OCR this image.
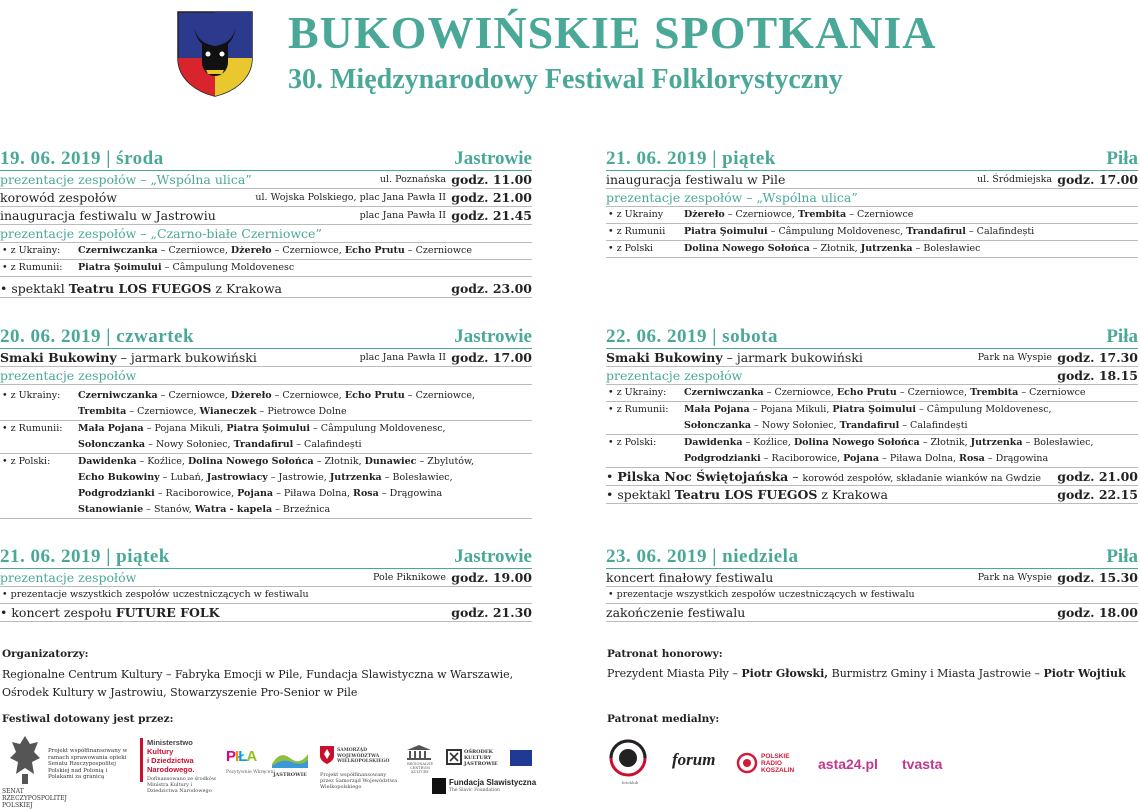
BUKOWIŃSKIE SPOTKANIA
30. Międzynarodowy Festiwal Folklorystyczny
19. 06. 2019 | środa	Jastrowie
prezentacje zespołów – „Wspólna ulica”	ul. Poznańska godz. 11.00
korowód zespołów	ul. Wojska Polskiego, plac Jana Pawła II godz. 21.00
inauguracja festiwalu w Jastrowiu	plac Jana Pawła II godz. 21.45
prezentacje zespołów – „Czarno-białe Czerniowce”
• z Ukrainy: Czerniwczanka – Czerniowce, Dżereło – Czerniowce, Echo Prutu – Czerniowce
• z Rumunii: Piatra Şoimului – Câmpulung Moldovenesc
• spektakl Teatru LOS FUEGOS z Krakowa	godz. 23.00
20. 06. 2019 | czwartek	Jastrowie
Smaki Bukowiny – jarmark bukowiński	plac Jana Pawła II godz. 17.00
prezentacje zespołów
• z Ukrainy: Czerniwczanka – Czerniowce, Dżereło – Czerniowce, Echo Prutu – Czerniowce,
Trembita – Czerniowce, Wianeczek – Pietrowce Dolne
• z Rumunii: Mała Pojana – Pojana Mikuli, Piatra Şoimului – Câmpulung Moldovenesc,
Sołonczanka – Nowy Sołoniec, Trandafirul – Calafindești
• z Polski:	Dawidenka – Koźlice, Dolina Nowego Sołońca – Złotnik, Dunawiec – Zbylutów,
Echo Bukowiny – Lubań, Jastrowiacy – Jastrowie, Jutrzenka – Bolesławiec,
Podgrodzianki – Raciborowice, Pojana – Piława Dolna, Rosa – Drągowina
Stanowianie – Stanów, Watra - kapela – Brzeźnica
21. 06. 2019 | piątek	Jastrowie
prezentacje zespołów	Pole Piknikowe godz. 19.00
• prezentacje wszystkich zespołów uczestniczących w festiwalu
• koncert zespołu FUTURE FOLK	godz. 21.30
21. 06. 2019 | piątek	Piła
inauguracja festiwalu w Pile	ul. Śródmiejska godz. 17.00
prezentacje zespołów – „Wspólna ulica”
• z Ukrainy Dżereło – Czerniowce, Trembita – Czerniowce
• z Rumunii Piatra Şoimului – Câmpulung Moldovenesc, Trandafirul – Calafindești
• z Polski	Dolina Nowego Sołońca – Złotnik, Jutrzenka – Bolesławiec
22. 06. 2019 | sobota	Piła
Smaki Bukowiny – jarmark bukowiński	Park na Wyspie godz. 17.30
prezentacje zespołów	godz. 18.15
• z Ukrainy: Czerniwczanka – Czerniowce, Echo Prutu – Czerniowce, Trembita – Czerniowce
• z Rumunii: Mała Pojana – Pojana Mikuli, Piatra Şoimului – Câmpulung Moldovenesc,
Sołonczanka – Nowy Sołoniec, Trandafirul – Calafindești
• z Polski:	Dawidenka – Koźlice, Dolina Nowego Sołońca – Złotnik, Jutrzenka – Bolesławiec,
Podgrodzianki – Raciborowice, Pojana – Piława Dolna, Rosa – Drągowina
• Pilska Noc Świętojańska – korowód zespołów, składanie wianków na Gwdzie godz. 21.00
• spektakl Teatru LOS FUEGOS z Krakowa	godz. 22.15
23. 06. 2019 | niedziela	Piła
koncert finałowy festiwalu	Park na Wyspie godz. 15.30
• prezentacje wszystkich zespołów uczestniczących w festiwalu
zakończenie festiwalu	godz. 18.00
Organizatorzy:
Regionalne Centrum Kultury – Fabryka Emocji w Pile, Fundacja Slawistyczna w Warszawie,
Ośrodek Kultury w Jastrowiu, Stowarzyszenie Pro-Senior w Pile
Festiwal dotowany jest przez:
Patronat honorowy:
Prezydent Miasta Piły – Piotr Głowski, Burmistrz Gminy i Miasta Jastrowie – Piotr Wojtiuk
Patronat medialny:
SENAT RZECZYPOSPOLITEJ POLSKIEJ
Projekt współfinansowany w ramach sprawowania opieki Senatu Rzeczypospolitej Polskiej nad Polonią i Polakami za granicą
Ministerstwo
Kultury
i Dziedzictwa
Narodowego.
Dofinansowano ze środków Ministra Kultury i Dziedzictwa Narodowego
PIŁA
Pozytywnie Wkręceni
JASTROWIE
SAMORZĄD WOJEWÓDZTWA WIELKOPOLSKIEGO
Projekt współfinansowany przez Samorząd Województwa Wielkopolskiego
REGIONALNE CENTRUM KULTURY
OŚRODEK KULTURY JASTROWIE
Fundacja Slawistyczna
The Slavic Foundation
fotoklub
forum	POLSKIE RADIO KOSZALIN	asta24.pl tvasta
